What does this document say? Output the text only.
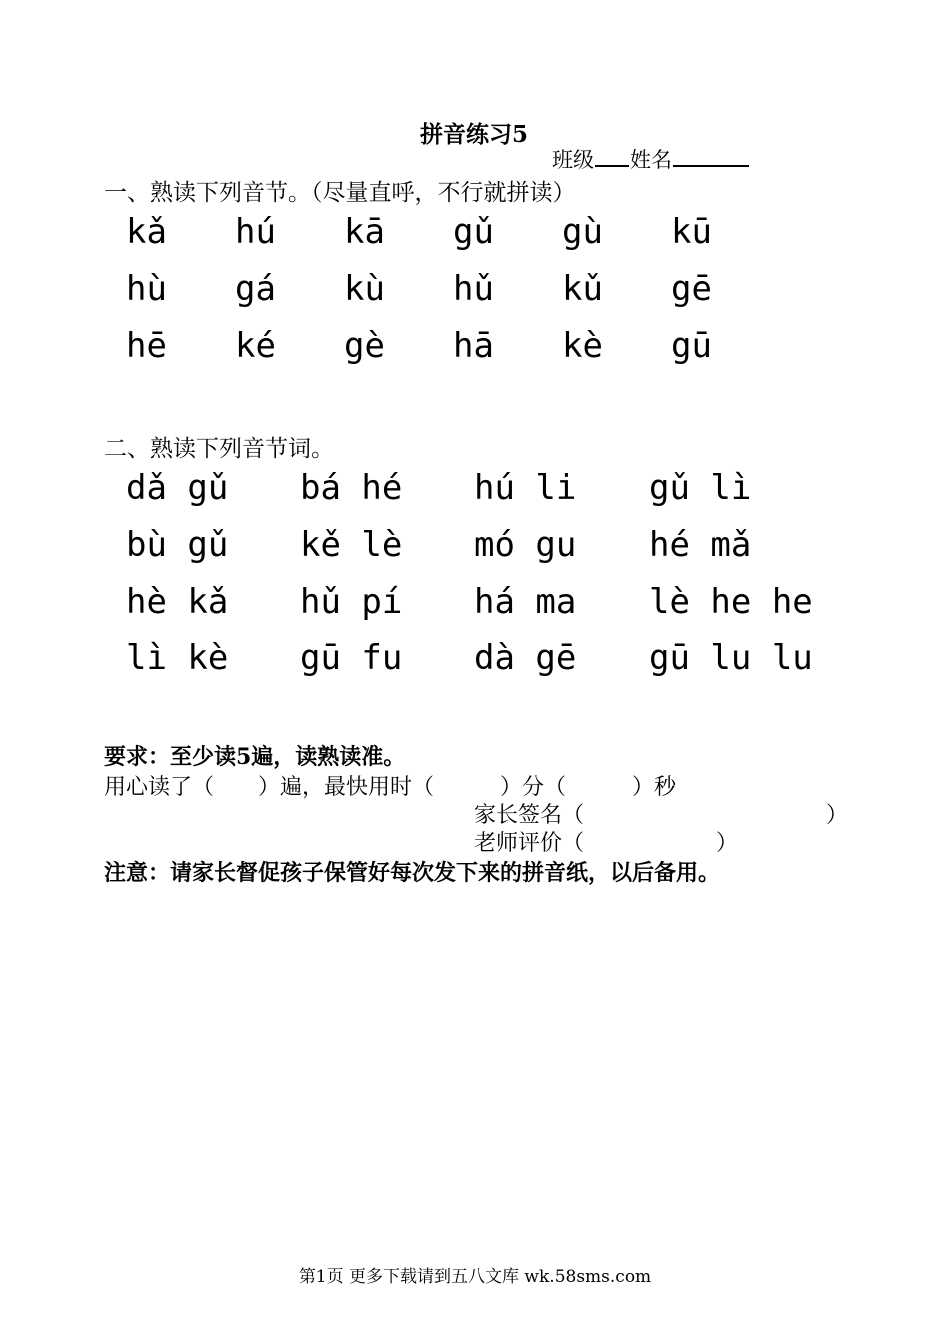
拼音练习5
班级 姓名
一、熟读下列音节。（尽量直呼，不行就拼读）
kǎ hú kā gǔ gù kū
hù gá kù hǔ kǔ gē
hē ké gè hā kè gū
二、熟读下列音节词。
dǎ gǔ bá hé hú li gǔ lì
bù gǔ kě lè mó gu hé mǎ
hè kǎ hǔ pí há ma lè he he
lì kè gū fu dà gē gū lu lu
要求：至少读5遍，读熟读准。
用心读了（　　）遍，最快用时（　　　）分（　　　）秒
家长签名（　　　　　　　　　　　）
老师评价（　　　　　　）
注意：请家长督促孩子保管好每次发下来的拼音纸，以后备用。
第1页 更多下载请到五八文库 wk.58sms.com
